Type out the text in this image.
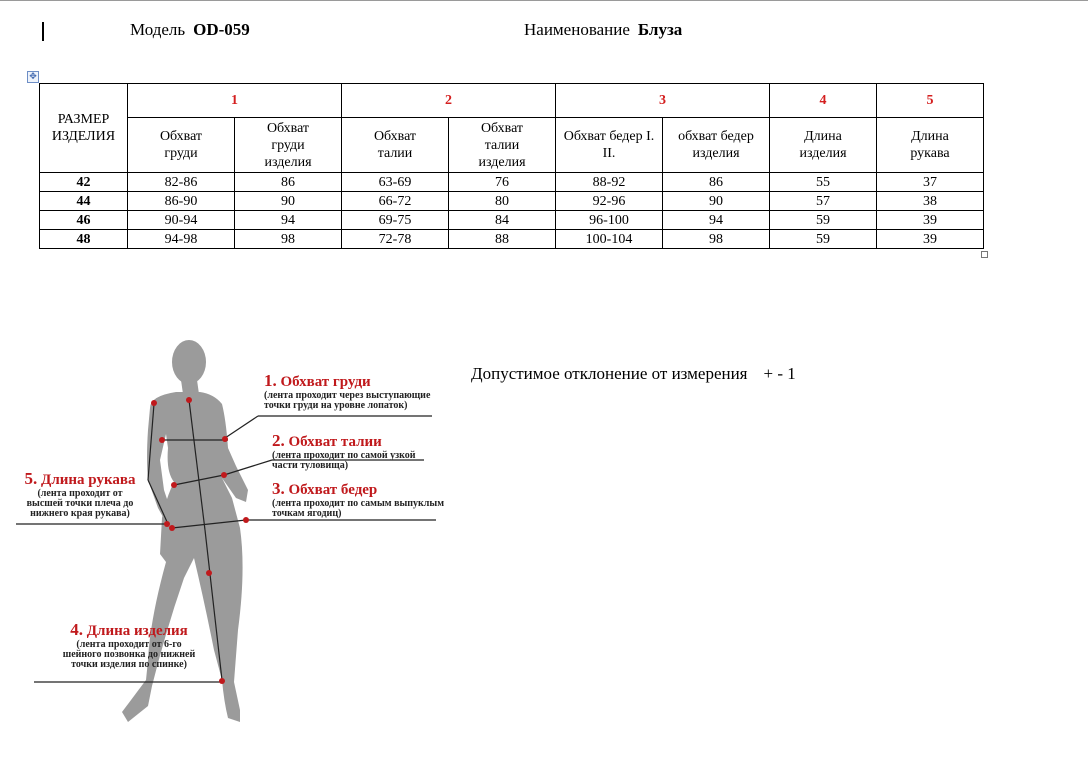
Модель OD-059	Наименование Блуза
✥
РАЗМЕР ИЗДЕЛИЯ	1		2		3		4	5
	Обхват груди	Обхват груди изделия	Обхват талии	Обхват талии изделия	Обхват бедер I. II.	обхват бедер изделия	Длина изделия	Длина рукава
42	82-86	86	63-69	76	88-92	86	55	37
44	86-90	90	66-72	80	92-96	90	57	38
46	90-94	94	69-75	84	96-100	94	59	39
48	94-98	98	72-78	88	100-104	98	59	39
Допустимое отклонение от измерения + - 1
1. Обхват груди
(лента проходит через выступающие
точки груди на уровне лопаток)
2. Обхват талии
(лента проходит по самой узкой
части туловища)
3. Обхват бедер
(лента проходит по самым выпуклым
точкам ягодиц)
4. Длина изделия
(лента проходит от 6-го
шейного позвонка до нижней
точки изделия по спинке)
5. Длина рукава
(лента проходит от
высшей точки плеча до
нижнего края рукава)
